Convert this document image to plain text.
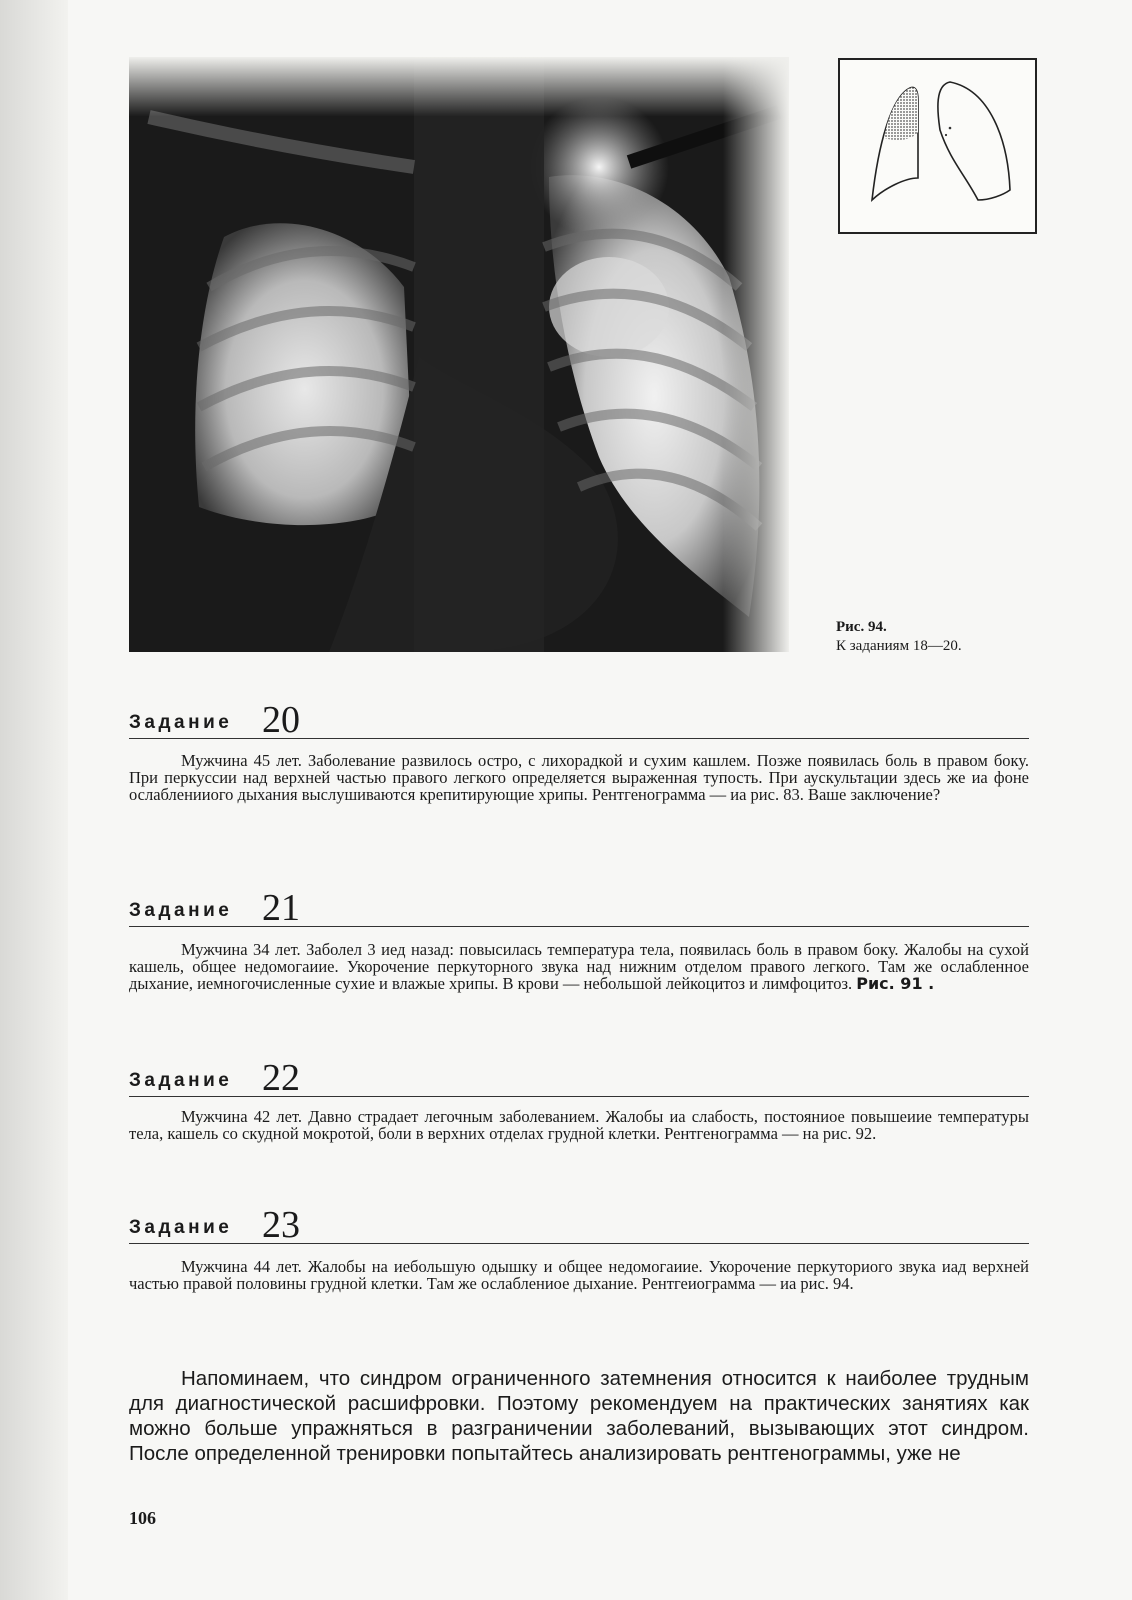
Рис. 94.
К заданиям 18—20.
Задание 20
Мужчина 45 лет. Заболевание развилось остро, с лихорадкой и сухим кашлем. Позже появилась боль в правом боку. При перкуссии над верхней частью правого легкого определяется выраженная тупость. При аускультации здесь же иа фоне ослабленииого дыхания выслушиваются крепитирующие хрипы. Рентгенограмма — иа рис. 83. Ваше заключение?
Задание 21
Мужчина 34 лет. Заболел 3 иед назад: повысилась температура тела, появилась боль в правом боку. Жалобы на сухой кашель, общее недомогаиие. Укорочение перкуторного звука над нижним отделом правого легкого. Там же ослабленное дыхание, иемногочисленные сухие и влажые хрипы. В крови — небольшой лейкоцитоз и лимфоцитоз. Рис. 91 .
Задание 22
Мужчина 42 лет. Давно страдает легочным заболеванием. Жалобы иа слабость, постояниое повышеиие температуры тела, кашель со скудной мокротой, боли в верхних отделах грудной клетки. Рентгенограмма — на рис. 92.
Задание 23
Мужчина 44 лет. Жалобы на иебольшую одышку и общее недомогаиие. Укорочение перкуториого звука иад верхней частью правой половины грудной клетки. Там же ослаблениое дыхание. Рентгеиограмма — иа рис. 94.
Напоминаем, что синдром ограниченного затемнения относится к наиболее трудным для диагностической расшифровки. Поэтому рекомендуем на практических занятиях как можно больше упражняться в разграничении заболеваний, вызывающих этот синдром. После определенной тренировки попытайтесь анализировать рентгенограммы, уже не
106
